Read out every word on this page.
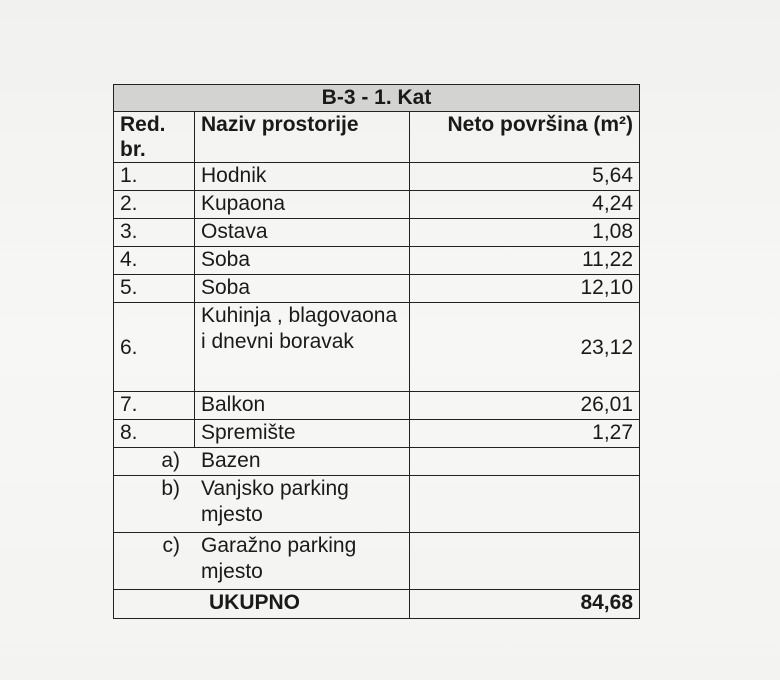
B-3 - 1. Kat		
Red. br.	Naziv prostorije	Neto površina (m²)
1.	Hodnik	5,64
2.	Kupaona	4,24
3.	Ostava	1,08
4.	Soba	11,22
5.	Soba	12,10
6.	Kuhinja , blagovaona i dnevni boravak	23,12
7.	Balkon	26,01
8.	Spremište	1,27
a)	Bazen	
b)	Vanjsko parking mjesto	
c)	Garažno parking mjesto	
UKUPNO		84,68
